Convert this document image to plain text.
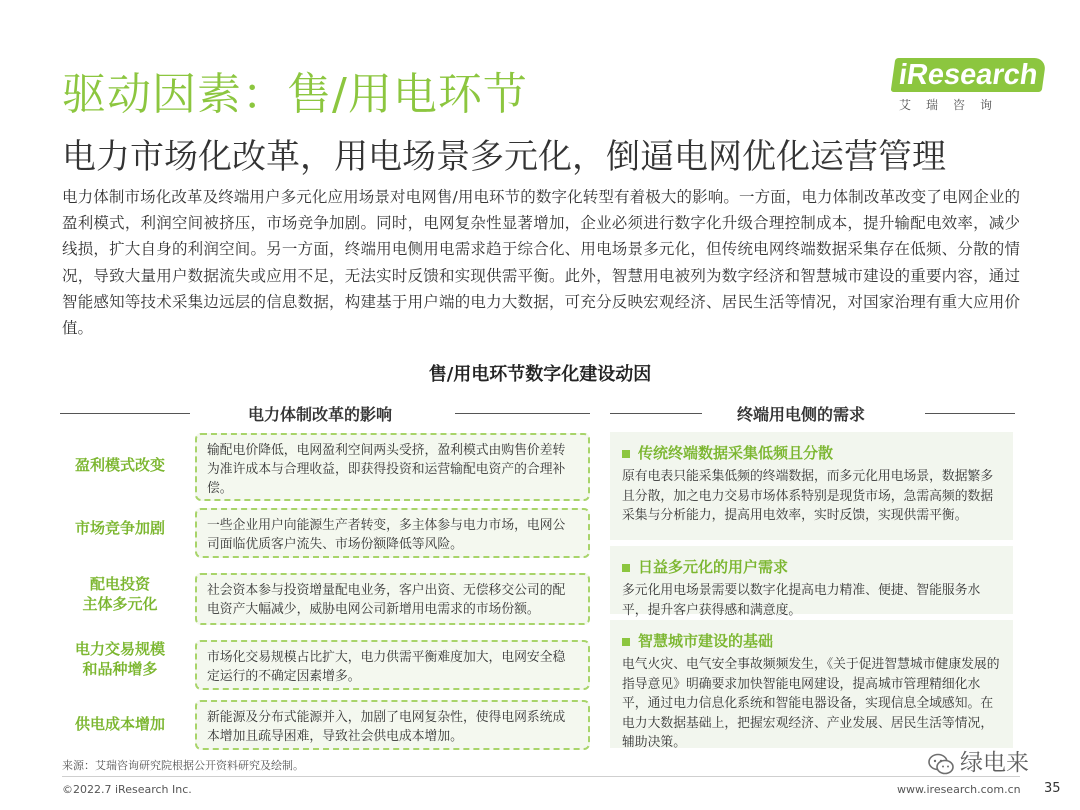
驱动因素：售/用电环节
电力市场化改革，用电场景多元化，倒逼电网优化运营管理
iResearch
艾瑞咨询
电力体制市场化改革及终端用户多元化应用场景对电网售/用电环节的数字化转型有着极大的影响。一方面，电力体制改革改变了电网企业的盈利模式，利润空间被挤压，市场竞争加剧。同时，电网复杂性显著增加，企业必须进行数字化升级合理控制成本，提升输配电效率，减少线损，扩大自身的利润空间。另一方面，终端用电侧用电需求趋于综合化、用电场景多元化，但传统电网终端数据采集存在低频、分散的情况，导致大量用户数据流失或应用不足，无法实时反馈和实现供需平衡。此外，智慧用电被列为数字经济和智慧城市建设的重要内容，通过智能感知等技术采集边远层的信息数据，构建基于用户端的电力大数据，可充分反映宏观经济、居民生活等情况，对国家治理有重大应用价值。
售/用电环节数字化建设动因
电力体制改革的影响	终端用电侧的需求
盈利模式改变
输配电价降低，电网盈利空间两头受挤，盈利模式由购售价差转为准许成本与合理收益，即获得投资和运营输配电资产的合理补偿。
市场竞争加剧	一些企业用户向能源生产者转变，多主体参与电力市场，电网公司面临优质客户流失、市场份额降低等风险。
配电投资
主体多元化
社会资本参与投资增量配电业务，客户出资、无偿移交公司的配电资产大幅减少，威胁电网公司新增用电需求的市场份额。
电力交易规模
和品种增多
市场化交易规模占比扩大，电力供需平衡难度加大，电网安全稳定运行的不确定因素增多。
供电成本增加	新能源及分布式能源并入，加剧了电网复杂性，使得电网系统成本增加且疏导困难，导致社会供电成本增加。
传统终端数据采集低频且分散
原有电表只能采集低频的终端数据，而多元化用电场景，数据繁多且分散，加之电力交易市场体系特别是现货市场，急需高频的数据采集与分析能力，提高用电效率，实时反馈，实现供需平衡。
日益多元化的用户需求
多元化用电场景需要以数字化提高电力精准、便捷、智能服务水平，提升客户获得感和满意度。
智慧城市建设的基础
电气火灾、电气安全事故频频发生，《关于促进智慧城市健康发展的指导意见》明确要求加快智能电网建设，提高城市管理精细化水平，通过电力信息化系统和智能电器设备，实现信息全域感知。在电力大数据基础上，把握宏观经济、产业发展、居民生活等情况，辅助决策。
来源：艾瑞咨询研究院根据公开资料研究及绘制。
©2022.7 iResearch Inc.	www.iresearch.com.cn 35
绿电来
